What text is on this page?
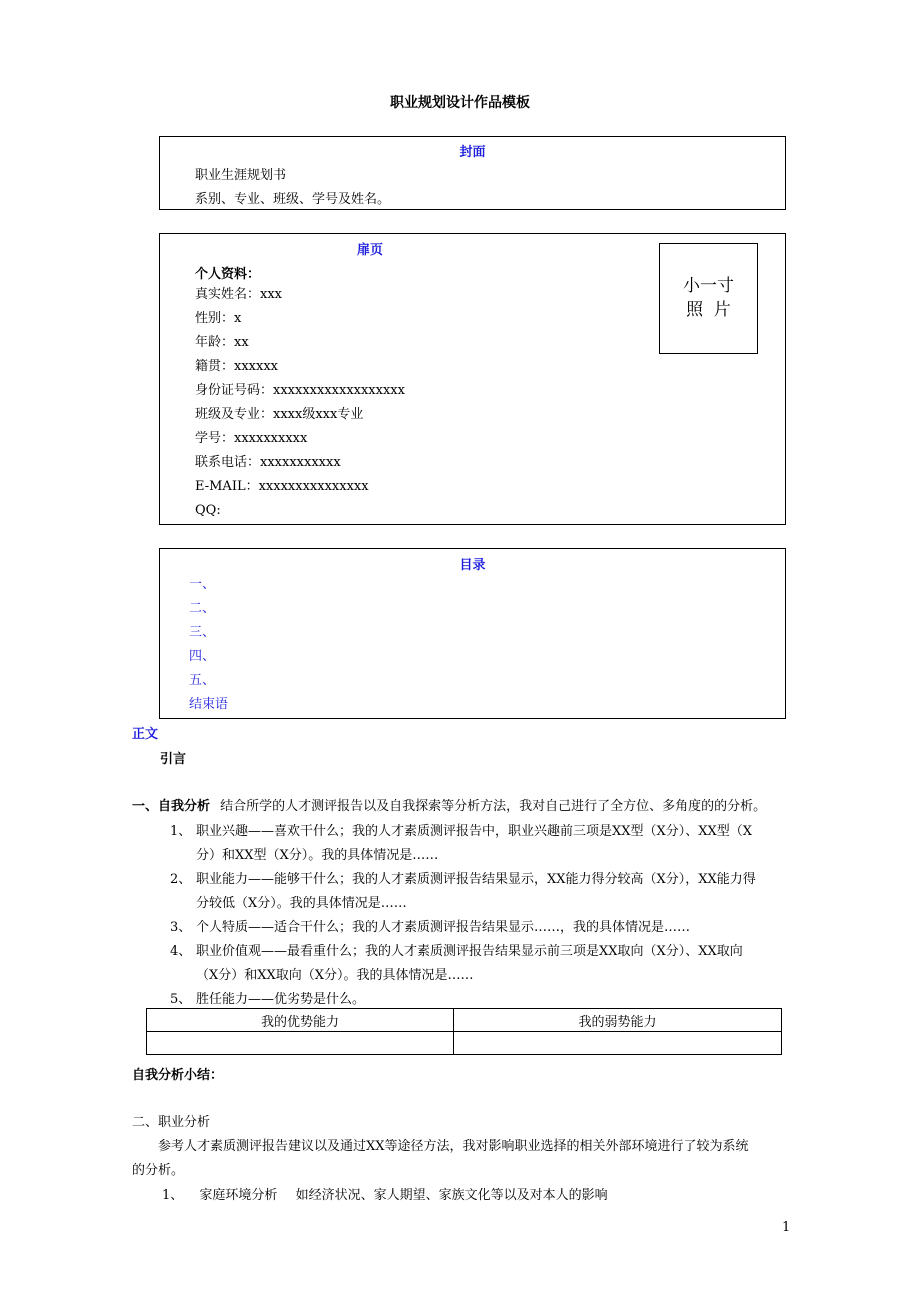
职业规划设计作品模板
封面
职业生涯规划书
系别、专业、班级、学号及姓名。
扉页
个人资料：
真实姓名：xxx
性别：x
年龄：xx
籍贯：xxxxxx
身份证号码：xxxxxxxxxxxxxxxxxx
班级及专业：xxxx级xxx专业
学号：xxxxxxxxxx
联系电话：xxxxxxxxxxx
E-MAIL：xxxxxxxxxxxxxxx
QQ:
小一寸
照  片
目录
一、
二、
三、
四、
五、
结束语
正文
引言
一、自我分析 结合所学的人才测评报告以及自我探索等分析方法，我对自己进行了全方位、多角度的的分析。
1、 职业兴趣——喜欢干什么；我的人才素质测评报告中，职业兴趣前三项是XX型（X分）、XX型（X
分）和XX型（X分）。我的具体情况是……
2、 职业能力——能够干什么；我的人才素质测评报告结果显示，XX能力得分较高（X分），XX能力得
分较低（X分）。我的具体情况是……
3、 个人特质——适合干什么；我的人才素质测评报告结果显示……，我的具体情况是……
4、 职业价值观——最看重什么；我的人才素质测评报告结果显示前三项是XX取向（X分）、XX取向
（X分）和XX取向（X分）。我的具体情况是……
5、 胜任能力——优劣势是什么。
我的优势能力	我的弱势能力

自我分析小结：
二、职业分析
参考人才素质测评报告建议以及通过XX等途径方法，我对影响职业选择的相关外部环境进行了较为系统
的分析。
1、 家庭环境分析 如经济状况、家人期望、家族文化等以及对本人的影响
1
